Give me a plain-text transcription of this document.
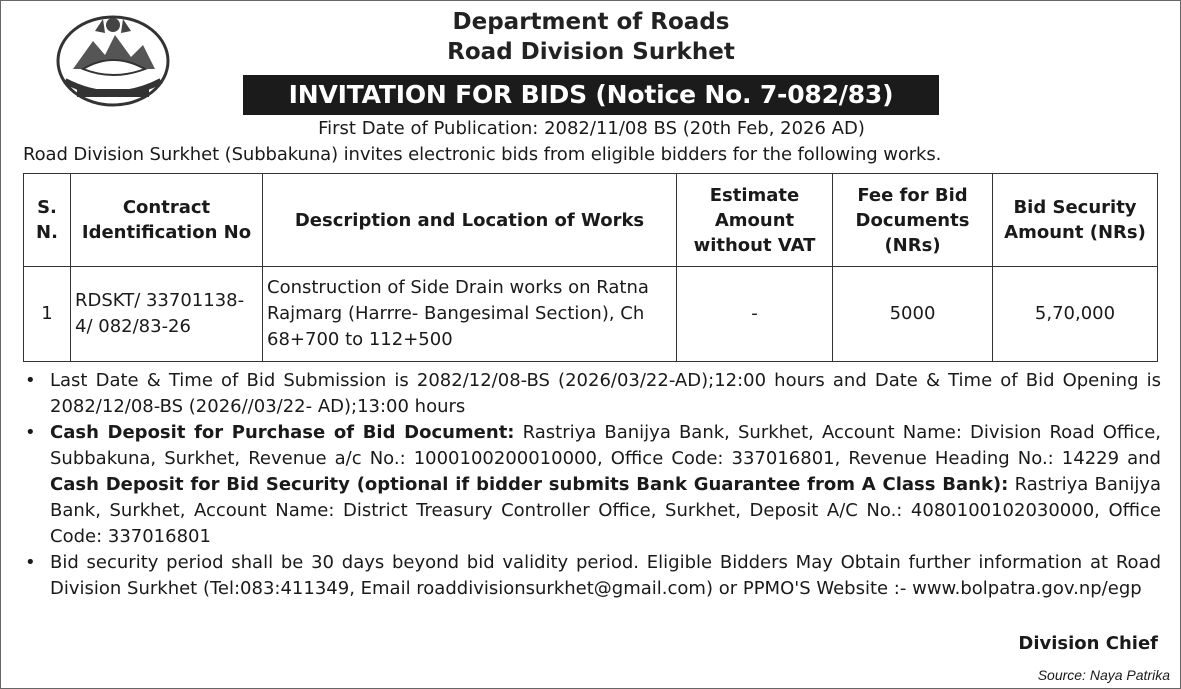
Department of Roads
Road Division Surkhet
INVITATION FOR BIDS (Notice No. 7-082/83)
First Date of Publication: 2082/11/08 BS (20th Feb, 2026 AD)
Road Division Surkhet (Subbakuna) invites electronic bids from eligible bidders for the following works.
S. N.	Contract Identification No	Description and Location of Works	Estimate Amount without VAT	Fee for Bid Documents (NRs)	Bid Security Amount (NRs)
1	RDSKT/ 33701138-4/ 082/83-26	Construction of Side Drain works on Ratna Rajmarg (Harrre- Bangesimal Section), Ch 68+700 to 112+500	-	5000	5,70,000
• Last Date & Time of Bid Submission is 2082/12/08-BS (2026/03/22-AD);12:00 hours and Date & Time of Bid Opening is 2082/12/08-BS (2026//03/22- AD);13:00 hours
• Cash Deposit for Purchase of Bid Document: Rastriya Banijya Bank, Surkhet, Account Name: Division Road Office, Subbakuna, Surkhet, Revenue a/c No.: 1000100200010000, Office Code: 337016801, Revenue Heading No.: 14229 and Cash Deposit for Bid Security (optional if bidder submits Bank Guarantee from A Class Bank): Rastriya Banijya Bank, Surkhet, Account Name: District Treasury Controller Office, Surkhet, Deposit A/C No.: 4080100102030000, Office Code: 337016801
• Bid security period shall be 30 days beyond bid validity period. Eligible Bidders May Obtain further information at Road Division Surkhet (Tel:083:411349, Email roaddivisionsurkhet@gmail.com) or PPMO'S Website :- www.bolpatra.gov.np/egp
Division Chief
Source: Naya Patrika
